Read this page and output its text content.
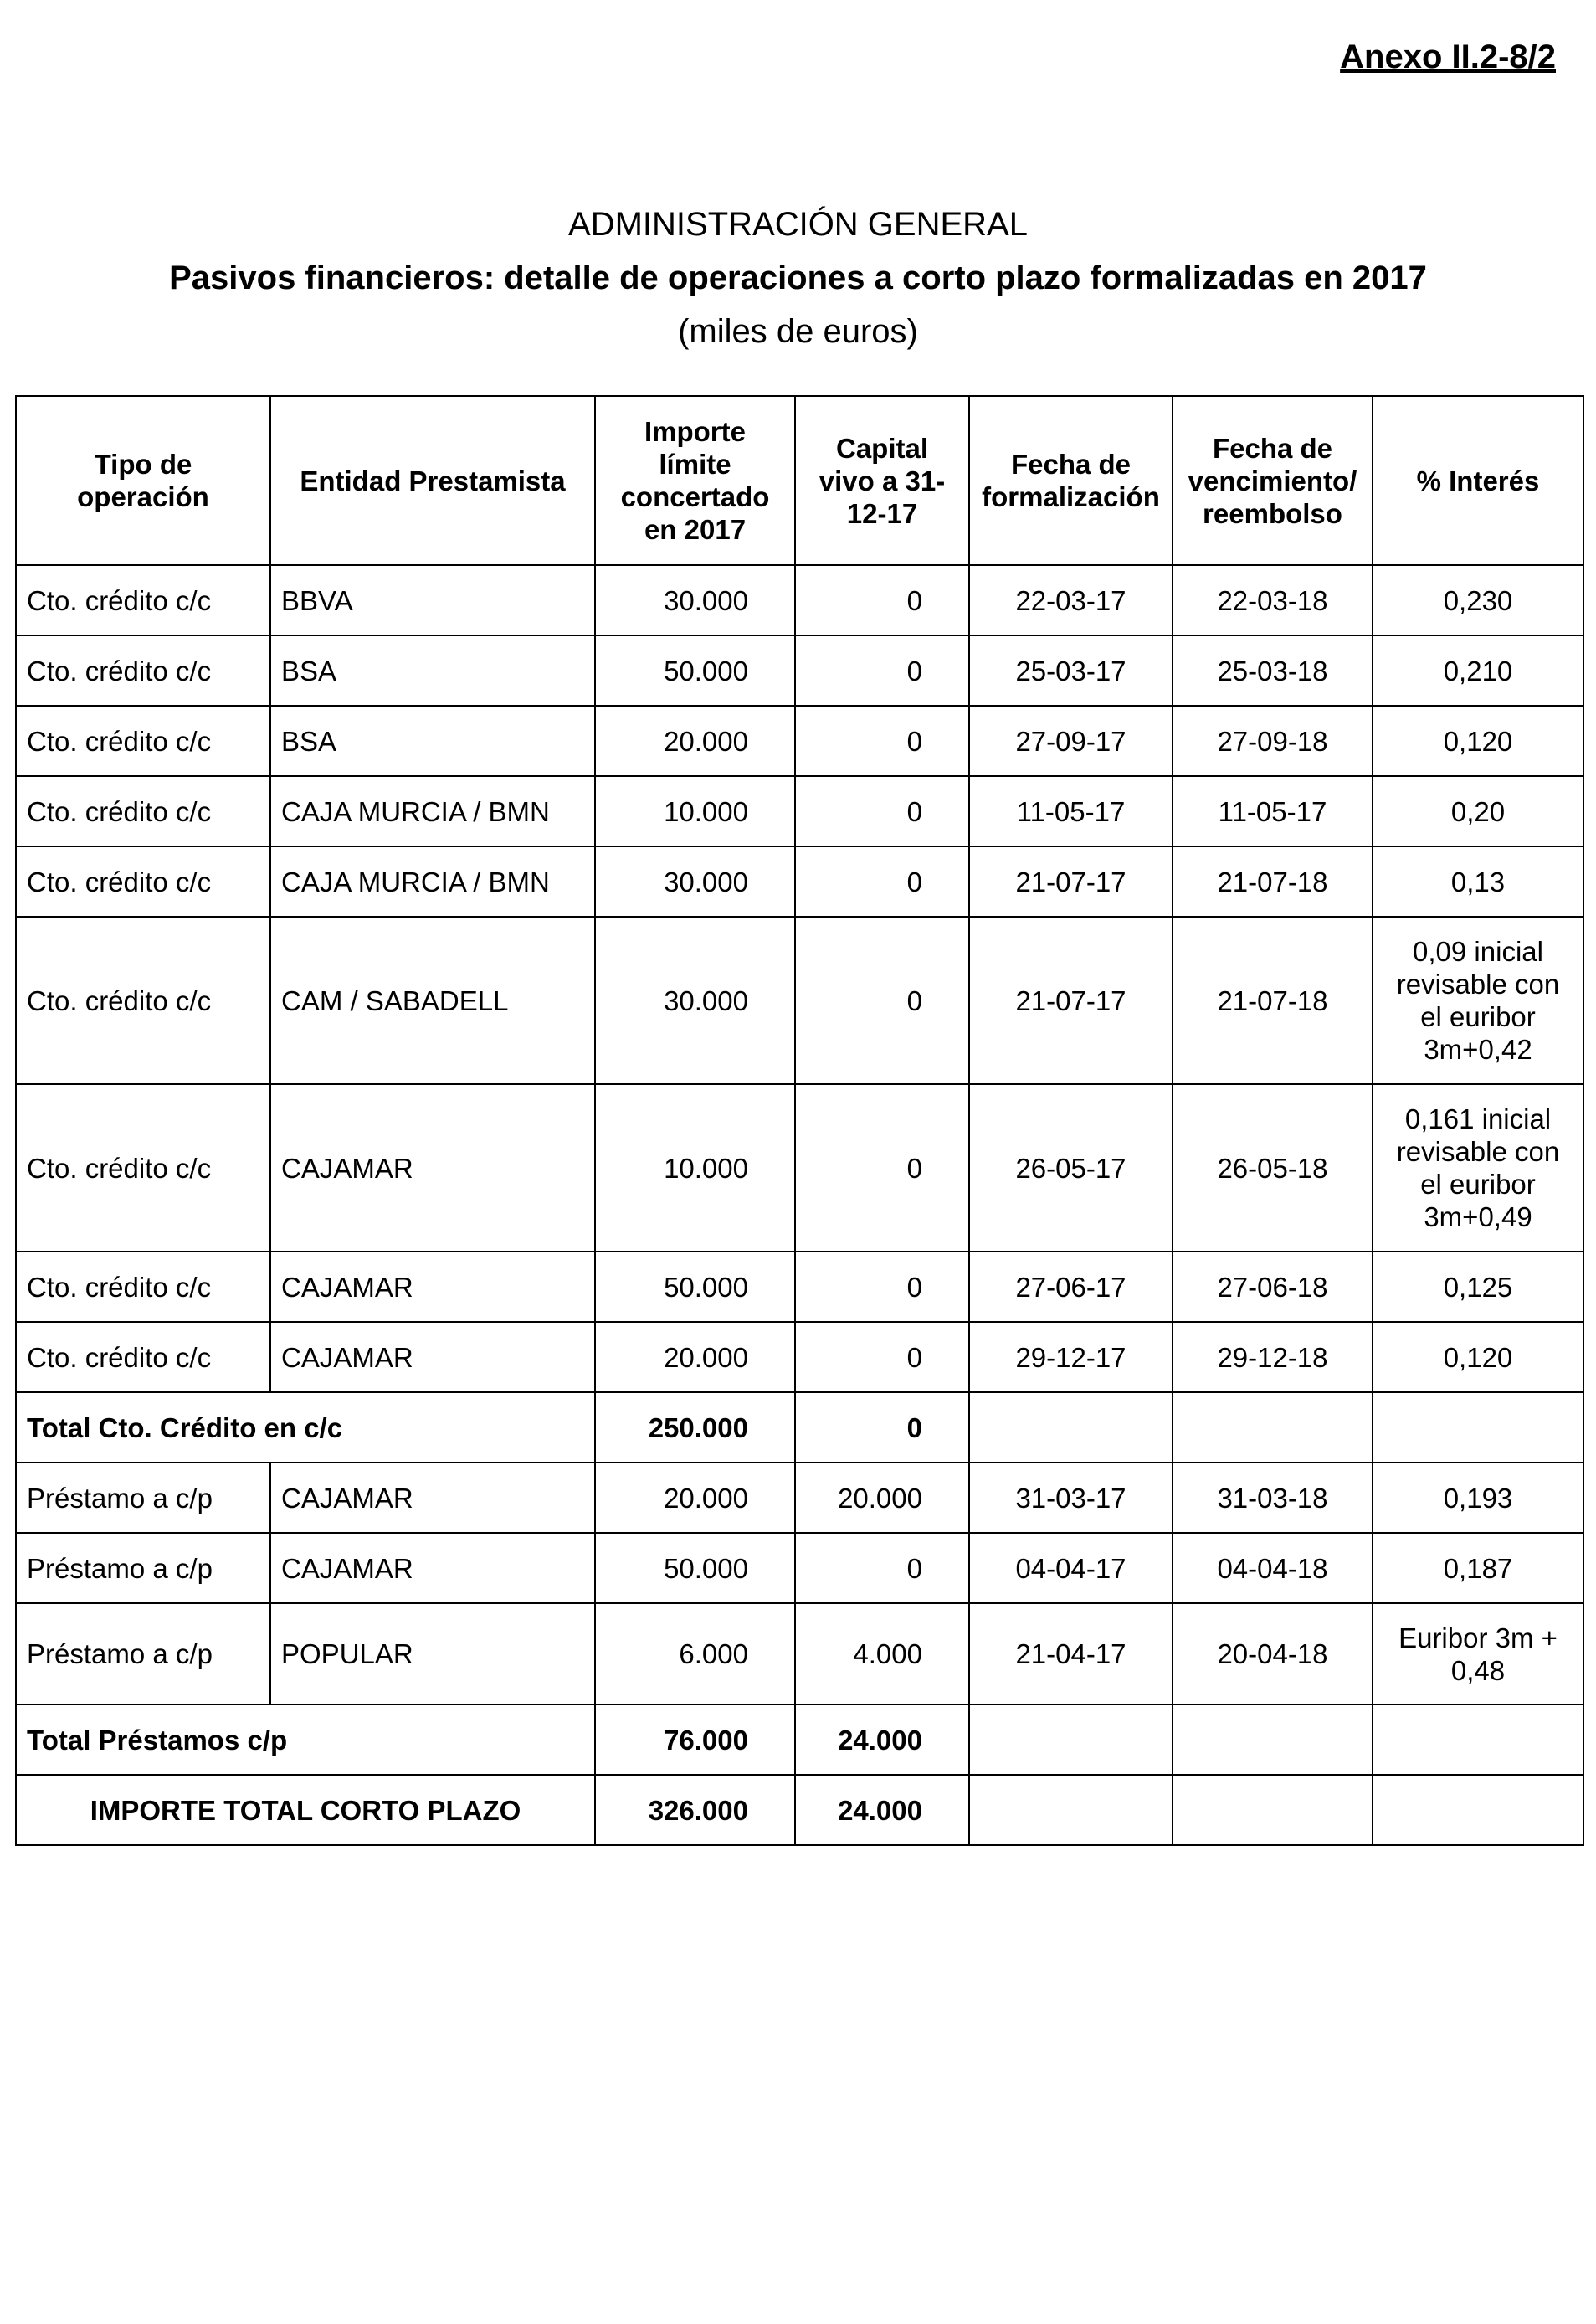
Anexo II.2-8/2
ADMINISTRACIÓN GENERAL
Pasivos financieros: detalle de operaciones a corto plazo formalizadas en 2017
(miles de euros)
Tipo de operación	Entidad Prestamista	Importe límite concertado en 2017	Capital vivo a 31-12-17	Fecha de formalización	Fecha de vencimiento/ reembolso	% Interés
Cto. crédito c/c	BBVA	30.000	0	22-03-17	22-03-18	0,230
Cto. crédito c/c	BSA	50.000	0	25-03-17	25-03-18	0,210
Cto. crédito c/c	BSA	20.000	0	27-09-17	27-09-18	0,120
Cto. crédito c/c	CAJA MURCIA / BMN	10.000	0	11-05-17	11-05-17	0,20
Cto. crédito c/c	CAJA MURCIA / BMN	30.000	0	21-07-17	21-07-18	0,13
Cto. crédito c/c	CAM / SABADELL	30.000	0	21-07-17	21-07-18	0,09 inicial revisable con el euribor 3m+0,42
Cto. crédito c/c	CAJAMAR	10.000	0	26-05-17	26-05-18	0,161 inicial revisable con el euribor 3m+0,49
Cto. crédito c/c	CAJAMAR	50.000	0	27-06-17	27-06-18	0,125
Cto. crédito c/c	CAJAMAR	20.000	0	29-12-17	29-12-18	0,120
Total Cto. Crédito en c/c		250.000	0			
Préstamo a c/p	CAJAMAR	20.000	20.000	31-03-17	31-03-18	0,193
Préstamo a c/p	CAJAMAR	50.000	0	04-04-17	04-04-18	0,187
Préstamo a c/p	POPULAR	6.000	4.000	21-04-17	20-04-18	Euribor 3m + 0,48
Total Préstamos c/p		76.000	24.000			
IMPORTE TOTAL CORTO PLAZO		326.000	24.000			
